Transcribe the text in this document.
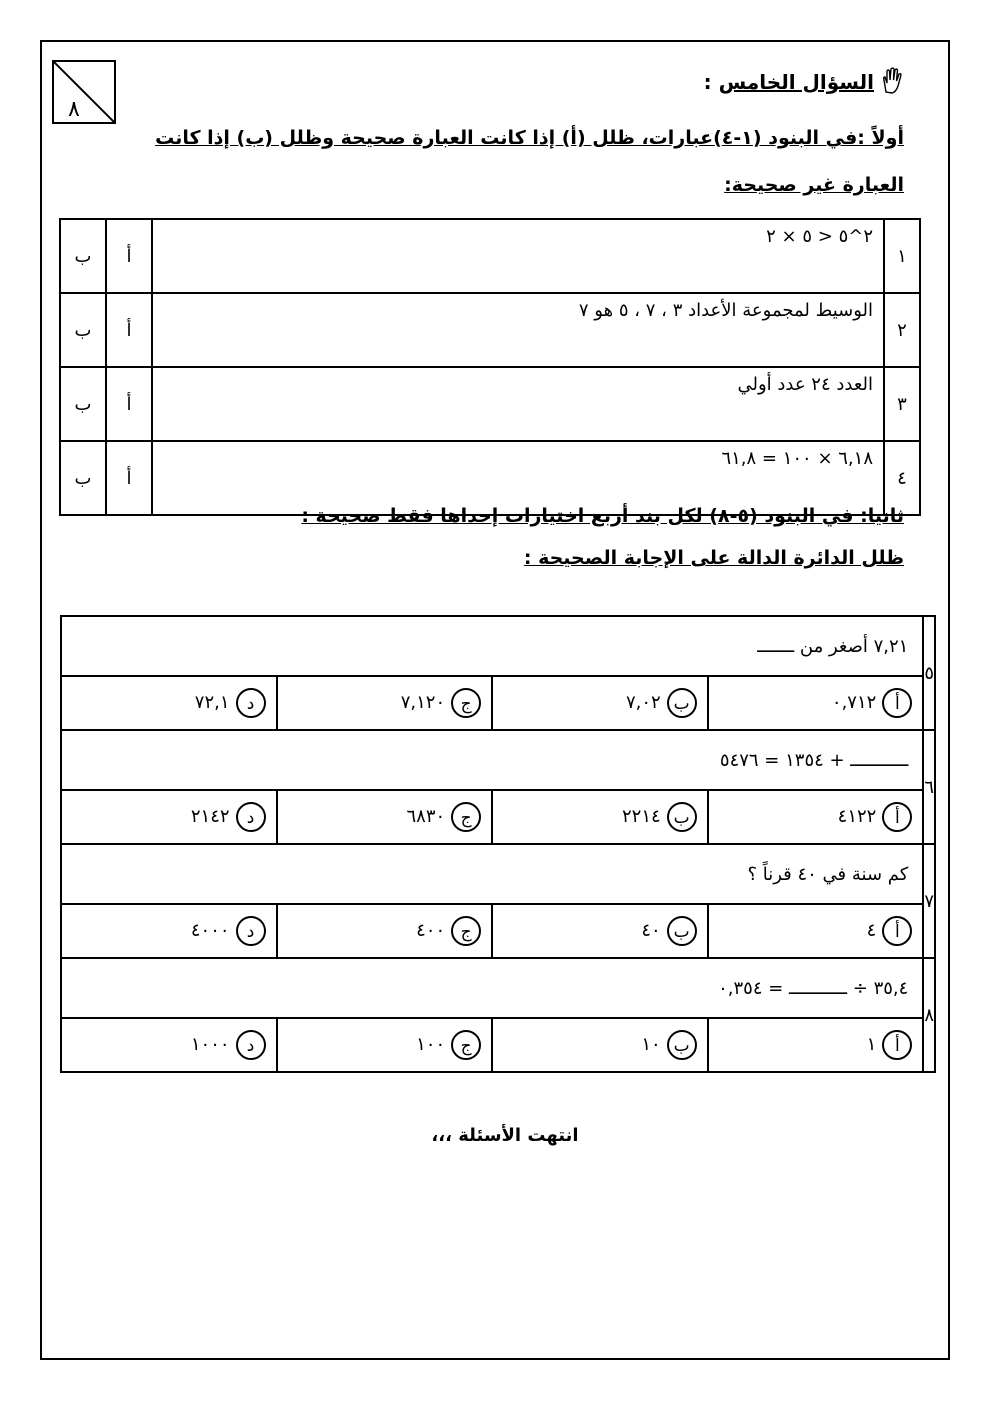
٨
السؤال الخامس :
أولاً :في البنود (١-٤)عبارات، ظلل (أ) إذا كانت العبارة صحيحة وظلل (ب) إذا كانت العبارة غير صحيحة:
ب	أ	٢^٥ < ٥ × ٢	١
ب	أ	الوسيط لمجموعة الأعداد ٣ ، ٧ ، ٥ هو ٧	٢
ب	أ	العدد ٢٤ عدد أولي	٣
ب	أ	٦,١٨ × ١٠٠ = ٦١,٨	٤
ثانيا: في البنود (٥-٨) لكل بند أربع اختيارات إحداها فقط صحيحة :
ظلل الدائرة الدالة على الإجابة الصحيحة :
٧,٢١ أصغر من ـــــــ				٥
د٧٢,١	ج٧,١٢٠	ب٧,٠٢	أ٠,٧١٢	
ـــــــــــ + ١٣٥٤ = ٥٤٧٦				٦
د٢١٤٢	ج٦٨٣٠	ب٢٢١٤	أ٤١٢٢	
كم سنة في ٤٠ قرناً ؟				٧
د٤٠٠٠	ج٤٠٠	ب٤٠	أ٤	
٣٥,٤ ÷ ـــــــــــ = ٠,٣٥٤				٨
د١٠٠٠	ج١٠٠	ب١٠	أ١	
انتهت الأسئلة ،،،
